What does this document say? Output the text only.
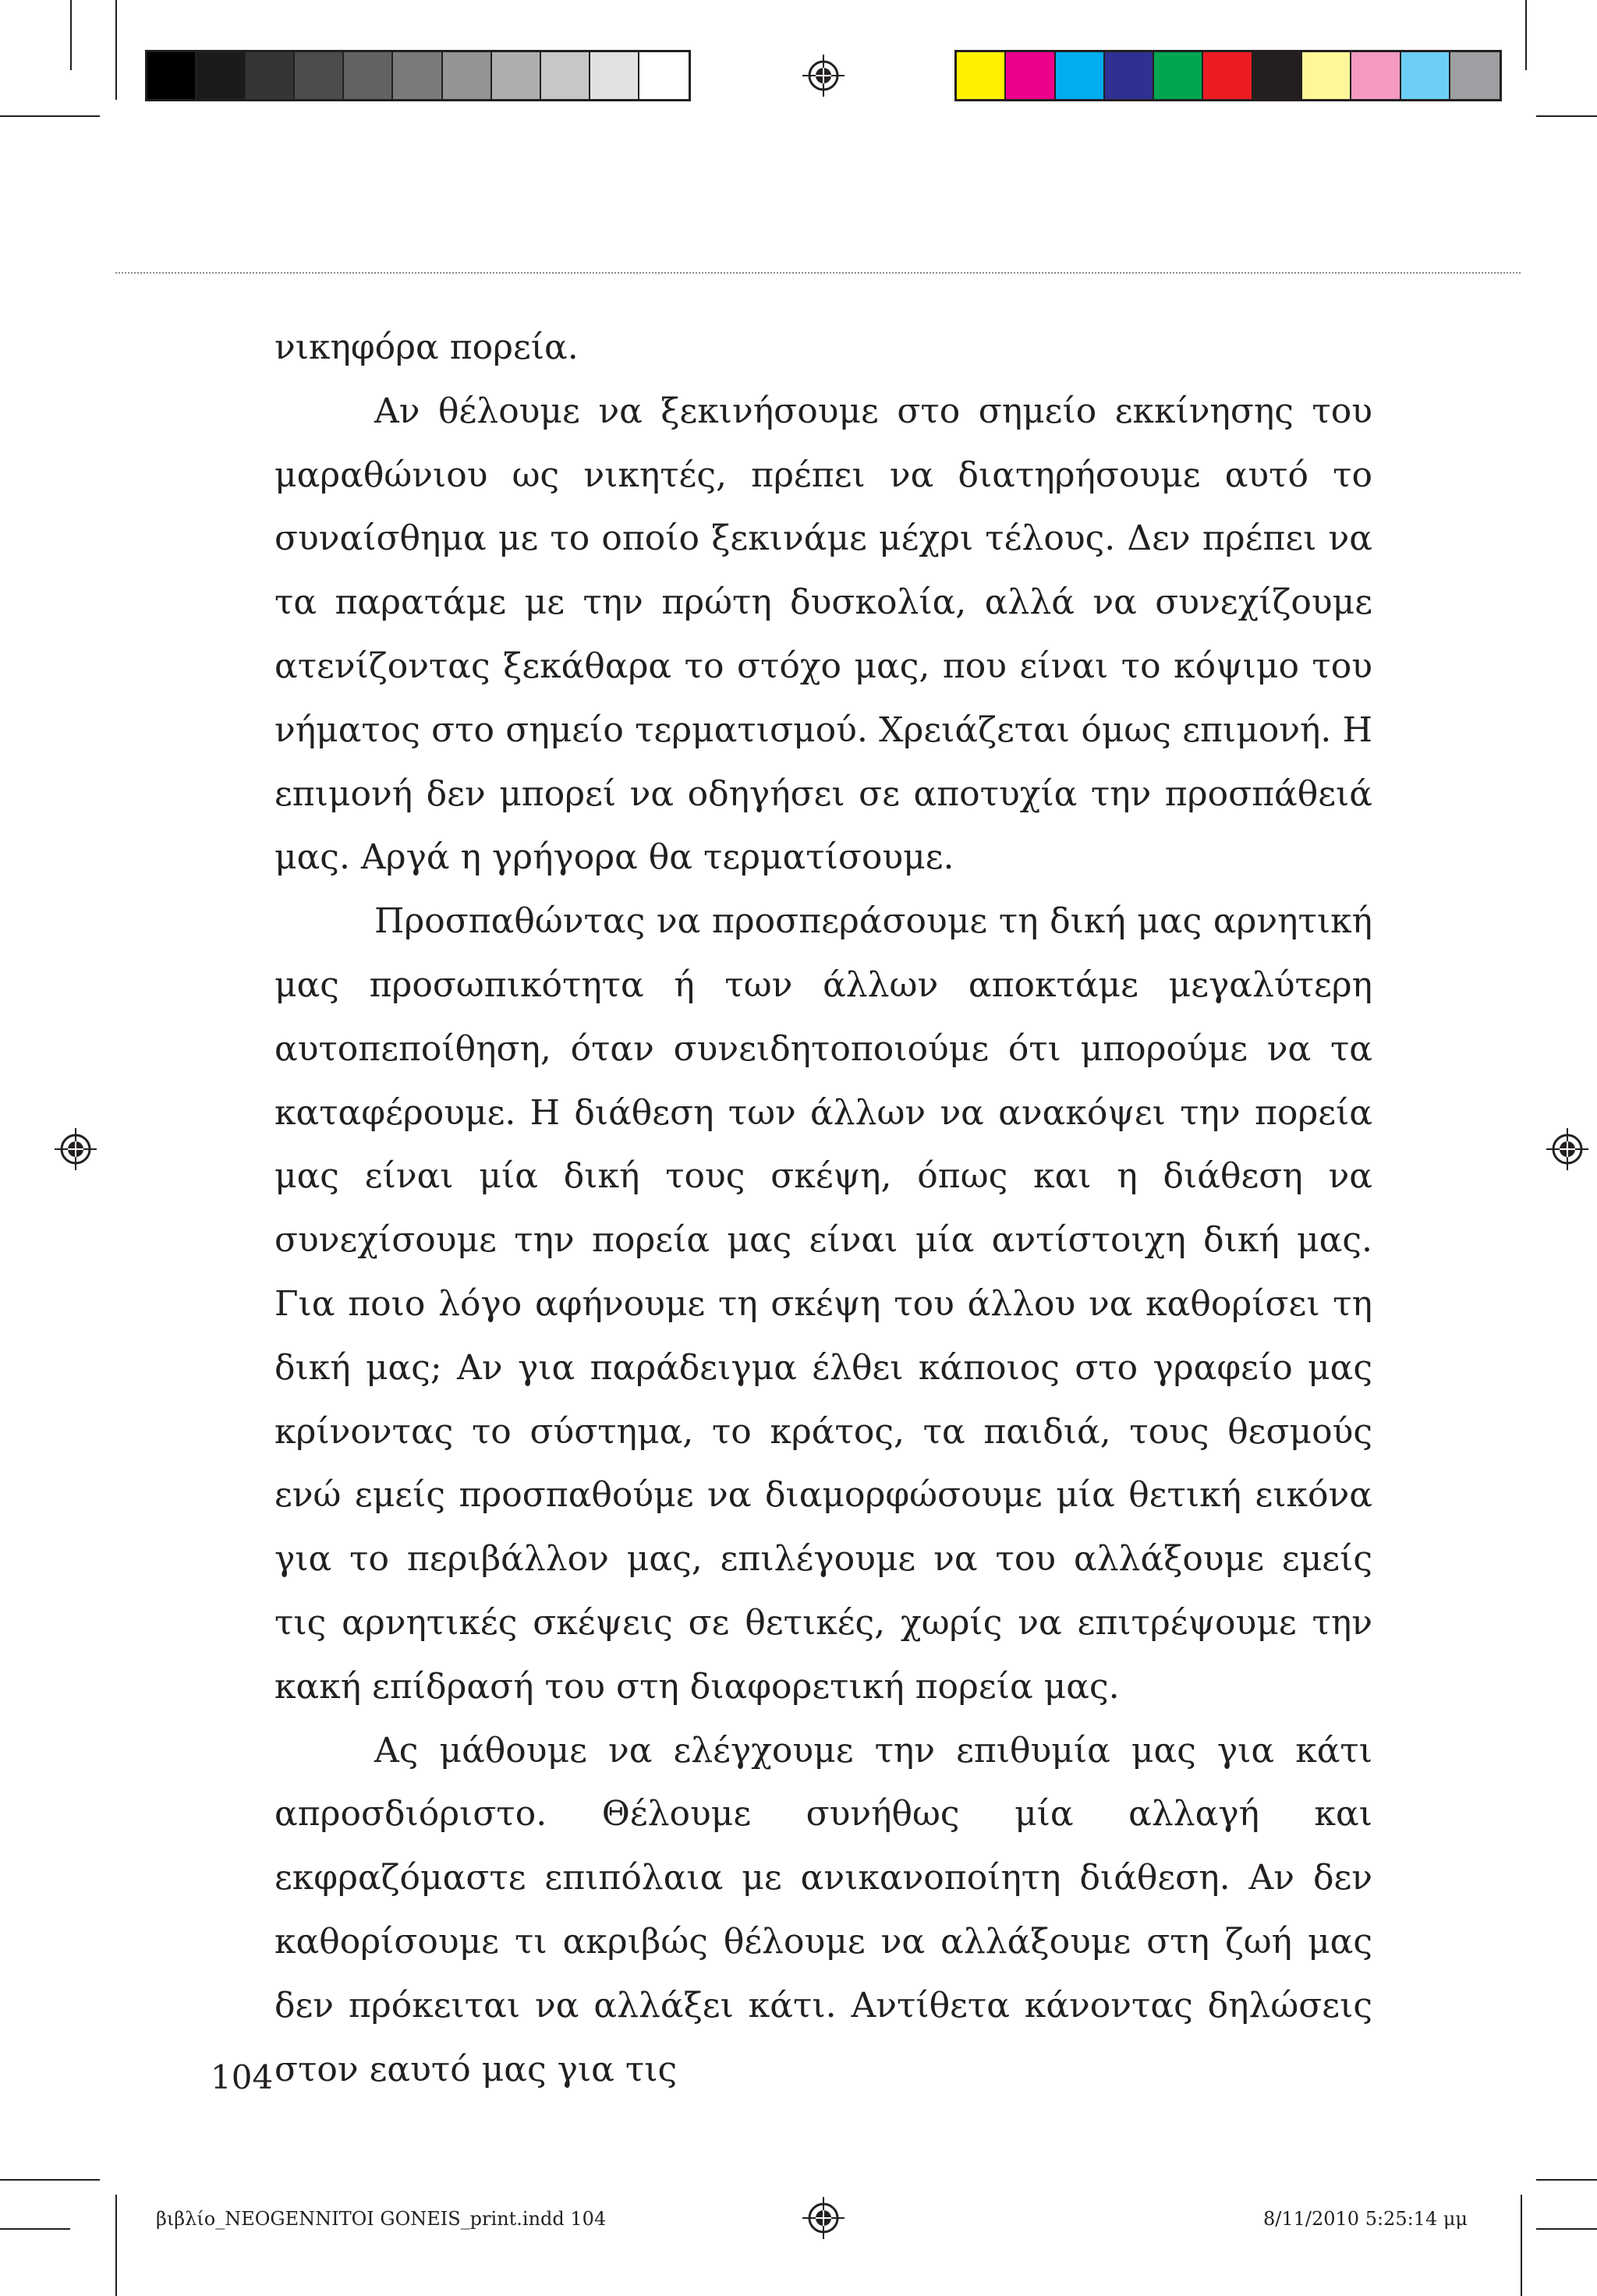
νικηφόρα πορεία.

Αν θέλουμε να ξεκινήσουμε στο σημείο εκκίνησης του μαραθώνιου ως νικητές, πρέπει να διατηρήσουμε αυτό το συναίσθημα με το οποίο ξεκινάμε μέχρι τέλους. Δεν πρέπει να τα παρατάμε με την πρώτη δυσκολία, αλλά να συνεχίζουμε ατενίζοντας ξεκάθαρα το στόχο μας, που είναι το κόψιμο του νήματος στο σημείο τερματισμού. Χρειάζεται όμως επιμονή. Η επιμονή δεν μπορεί να οδηγήσει σε αποτυχία την προσπάθειά μας. Αργά η γρήγορα θα τερματίσουμε.

Προσπαθώντας να προσπεράσουμε τη δική μας αρνητική μας προσωπικότητα ή των άλλων αποκτάμε μεγαλύτερη αυτοπεποίθηση, όταν συνειδητοποιούμε ότι μπορούμε να τα καταφέρουμε. Η διάθεση των άλλων να ανακόψει την πορεία μας είναι μία δική τους σκέψη, όπως και η διάθεση να συνεχίσουμε την πορεία μας είναι μία αντίστοιχη δική μας. Για ποιο λόγο αφήνουμε τη σκέψη του άλλου να καθορίσει τη δική μας; Αν για παράδειγμα έλθει κάποιος στο γραφείο μας κρίνοντας το σύστημα, το κράτος, τα παιδιά, τους θεσμούς ενώ εμείς προσπαθούμε να διαμορφώσουμε μία θετική εικόνα για το περιβάλλον μας, επιλέγουμε να του αλλάξουμε εμείς τις αρνητικές σκέψεις σε θετικές, χωρίς να επιτρέψουμε την κακή επίδρασή του στη διαφορετική πορεία μας.

Ας μάθουμε να ελέγχουμε την επιθυμία μας για κάτι απροσδιόριστο. Θέλουμε συνήθως μία αλλαγή και εκφραζόμαστε επιπόλαια με ανικανοποίητη διάθεση. Αν δεν καθορίσουμε τι ακριβώς θέλουμε να αλλάξουμε στη ζωή μας δεν πρόκειται να αλλάξει κάτι. Αντίθετα κάνοντας δηλώσεις στον εαυτό μας για τις

104
βιβλίο_NEOGENNITOI GONEIS_print.indd 104	8/11/2010 5:25:14 μμ
